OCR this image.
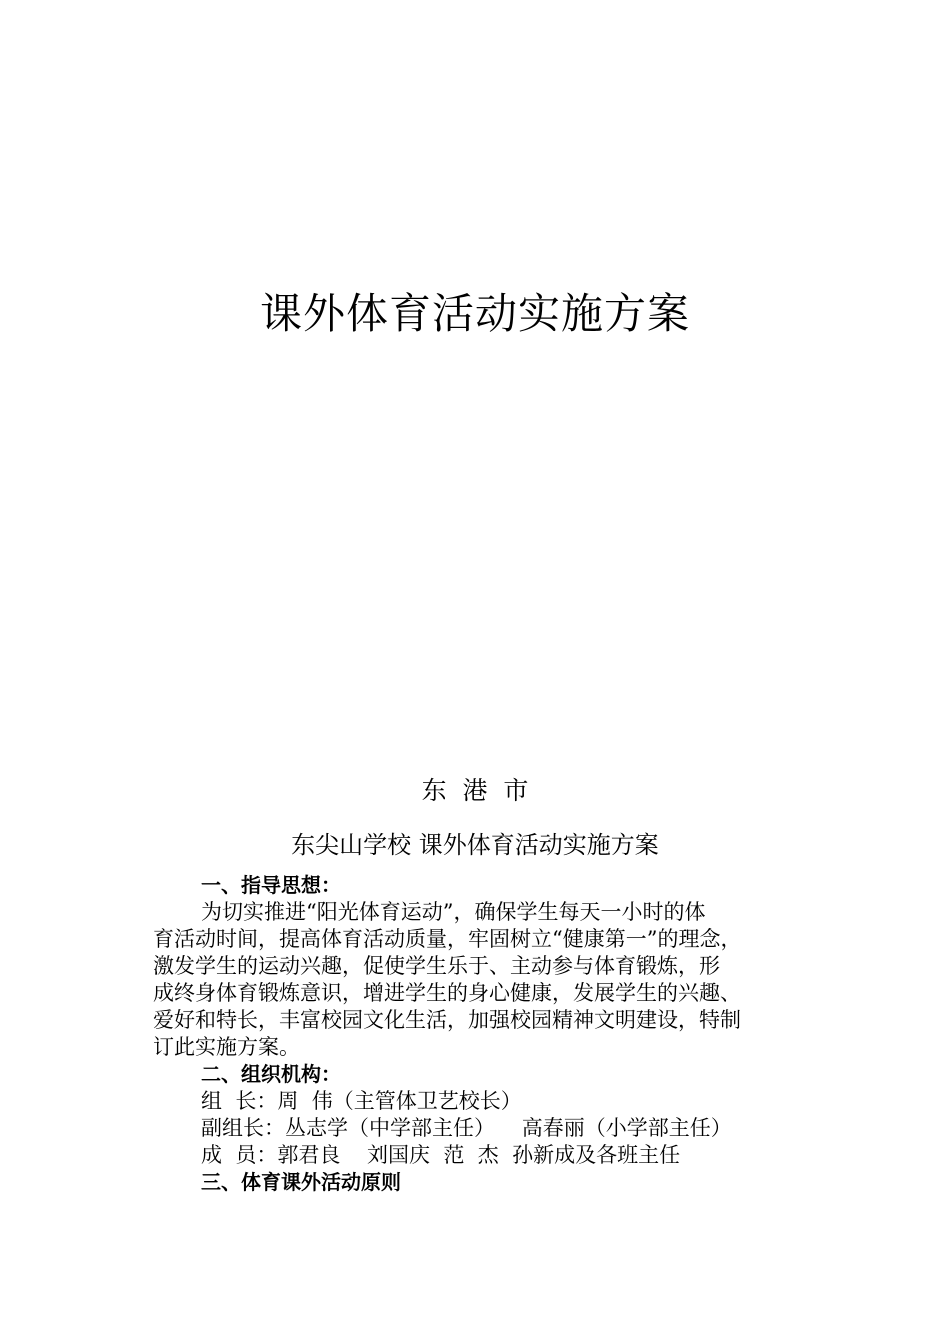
课外体育活动实施方案
东  港  市
东尖山学校 课外体育活动实施方案
一、指导思想：
为切实推进“阳光体育运动”，确保学生每天一小时的体
育活动时间，提高体育活动质量，牢固树立“健康第一”的理念，
激发学生的运动兴趣，促使学生乐于、主动参与体育锻炼，形
成终身体育锻炼意识，增进学生的身心健康，发展学生的兴趣、
爱好和特长，丰富校园文化生活，加强校园精神文明建设，特制
订此实施方案。
二、组织机构：
组  长：周  伟（主管体卫艺校长）
副组长：丛志学（中学部主任）    高春丽（小学部主任）
成  员：郭君良    刘国庆  范  杰  孙新成及各班主任
三、体育课外活动原则
